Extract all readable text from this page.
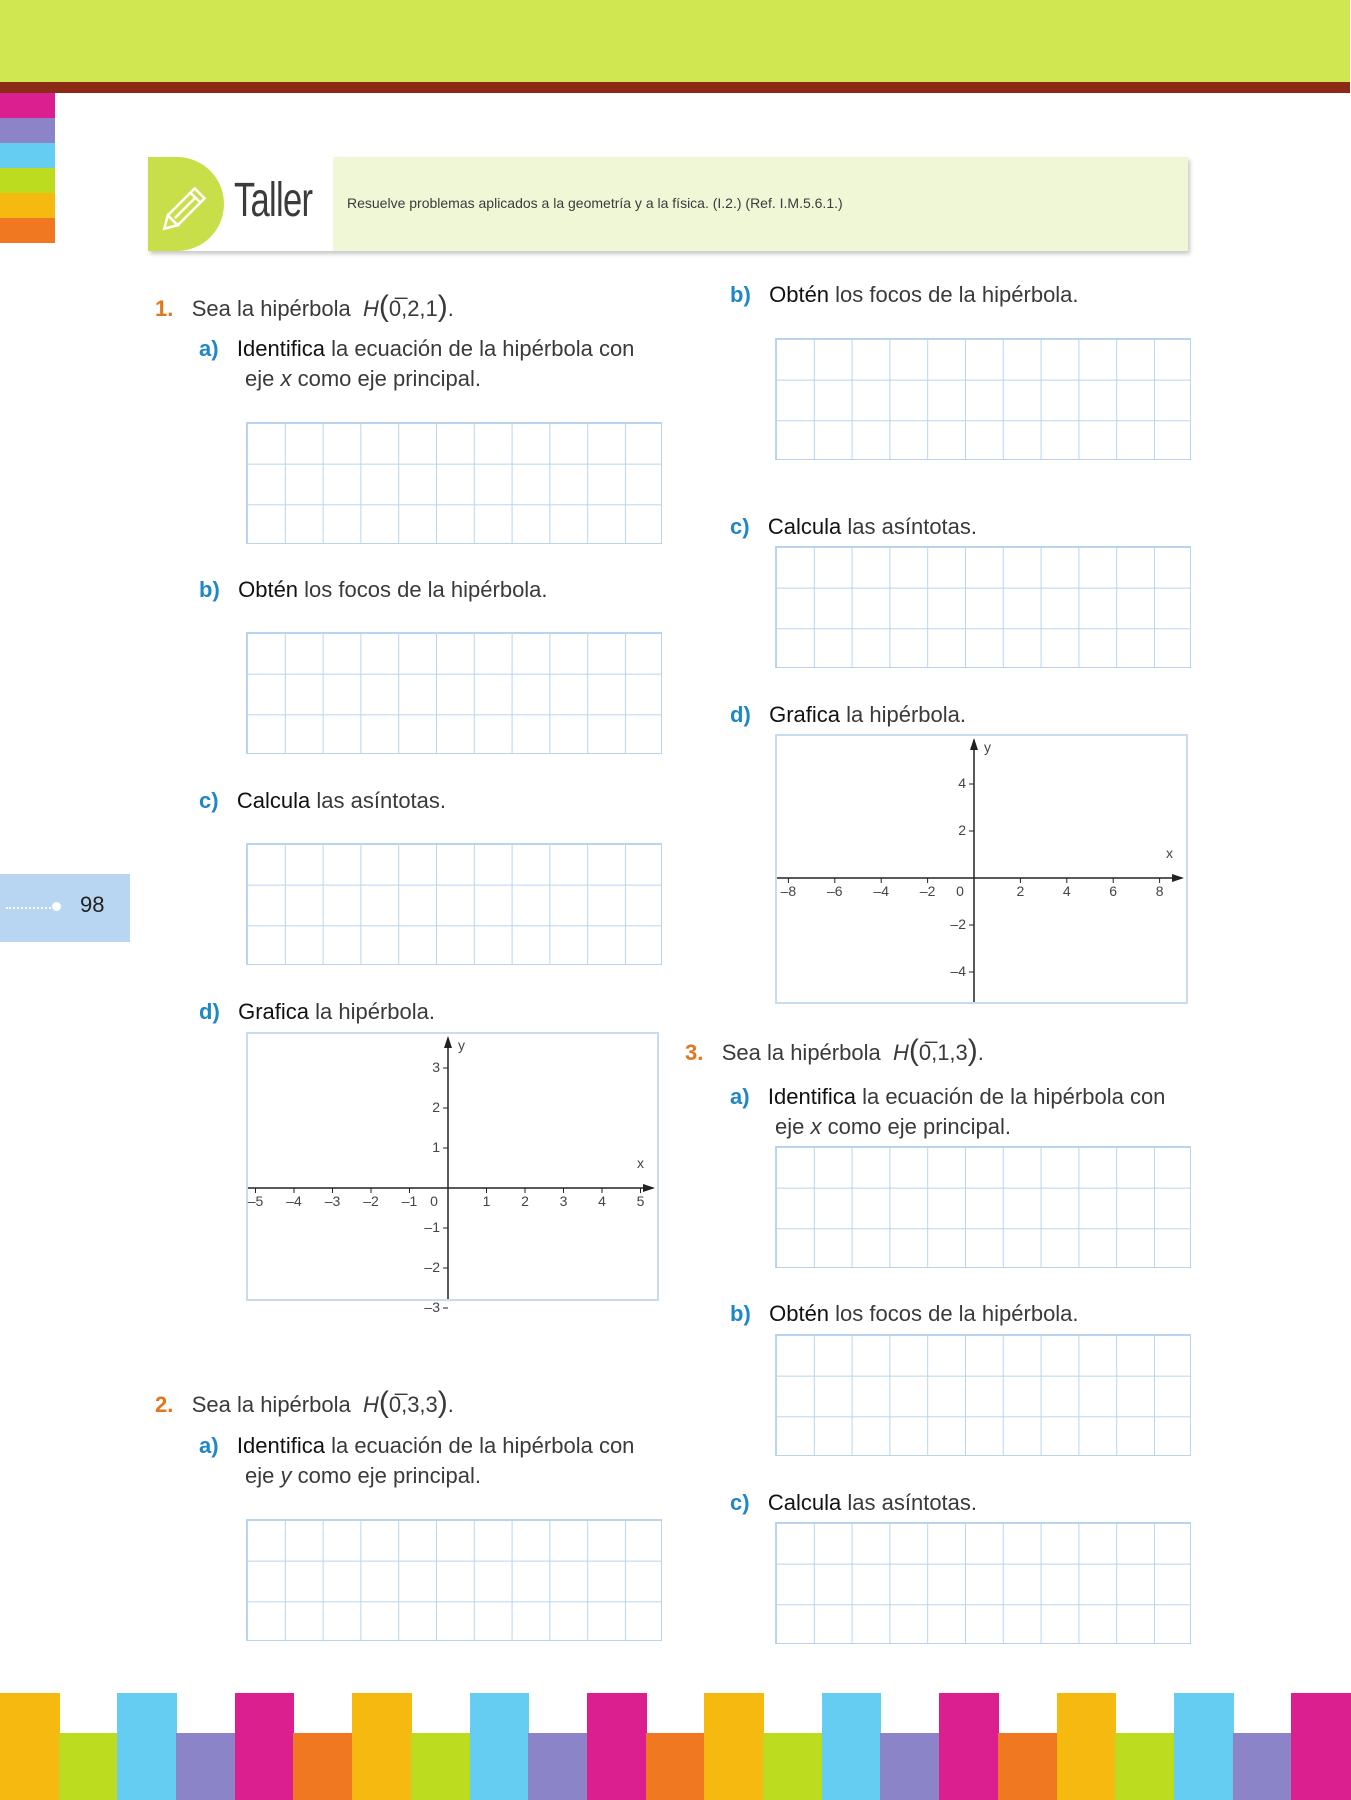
98
Taller Resuelve problemas aplicados a la geometría y a la física. (I.2.) (Ref. I.M.5.6.1.)
1. Sea la hipérbola  H(0̅,2,1).
a) Identifica la ecuación de la hipérbola con
eje x como eje principal.
b) Obtén los focos de la hipérbola.
c) Calcula las asíntotas.
d) Grafica la hipérbola.
x
y
–5 –4 –3 –2 –1 0	1 2 3 4 5
–3
–2
–1
1
2
3
2. Sea la hipérbola  H(0̅,3,3).
a) Identifica la ecuación de la hipérbola con
eje y como eje principal.
b) Obtén los focos de la hipérbola.
c) Calcula las asíntotas.
d) Grafica la hipérbola.
x
y
–8 –6 –4 –2 0	2	4	6	8
–4
–2
2
4
3. Sea la hipérbola  H(0̅,1,3).
a) Identifica la ecuación de la hipérbola con
eje x como eje principal.
b) Obtén los focos de la hipérbola.
c) Calcula las asíntotas.
